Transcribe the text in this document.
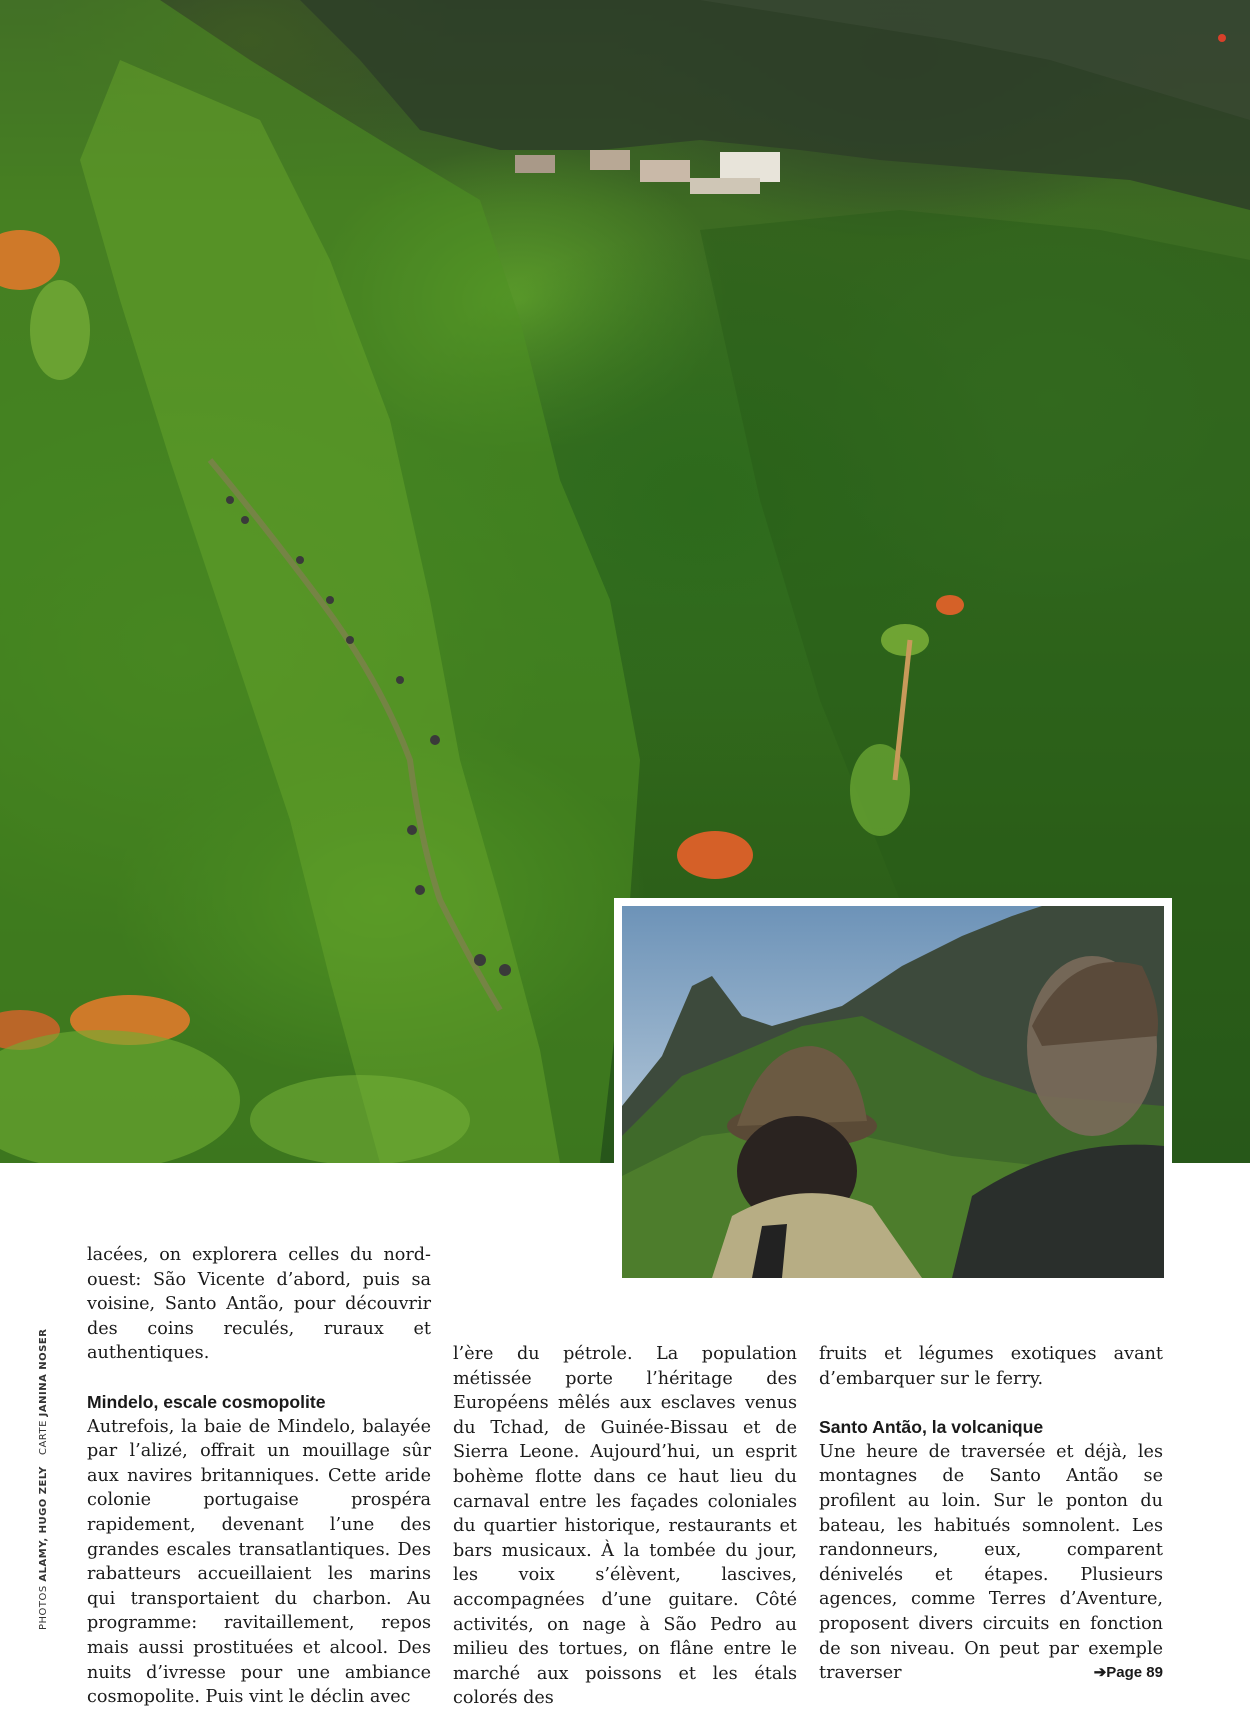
PHOTOS ALAMY, HUGO ZELY   CARTE JANINA NOSER

lacées, on explorera celles du nord-ouest: São Vicente d’abord, puis sa voisine, Santo Antão, pour découvrir des coins reculés, ruraux et authentiques.

Mindelo, escale cosmopolite

Autrefois, la baie de Mindelo, balayée par l’alizé, offrait un mouillage sûr aux navires britanniques. Cette aride colonie portugaise prospéra rapidement, devenant l’une des grandes escales transatlantiques. Des rabatteurs accueillaient les marins qui transportaient du charbon. Au programme: ravitaillement, repos mais aussi prostituées et alcool. Des nuits d’ivresse pour une ambiance cosmopolite. Puis vint le déclin avec

l’ère du pétrole. La population métissée porte l’héritage des Européens mêlés aux esclaves venus du Tchad, de Guinée-Bissau et de Sierra Leone. Aujourd’hui, un esprit bohème flotte dans ce haut lieu du carnaval entre les façades coloniales du quartier historique, restaurants et bars musicaux. À la tombée du jour, les voix s’élèvent, lascives, accompagnées d’une guitare. Côté activités, on nage à São Pedro au milieu des tortues, on flâne entre le marché aux poissons et les étals colorés des

fruits et légumes exotiques avant d’embarquer sur le ferry.

Santo Antão, la volcanique

Une heure de traversée et déjà, les montagnes de Santo Antão se profilent au loin. Sur le ponton du bateau, les habitués somnolent. Les randonneurs, eux, comparent dénivelés et étapes. Plusieurs agences, comme Terres d’Aventure, proposent divers circuits en fonction de son niveau. On peut par exemple traverser	➔Page 89
